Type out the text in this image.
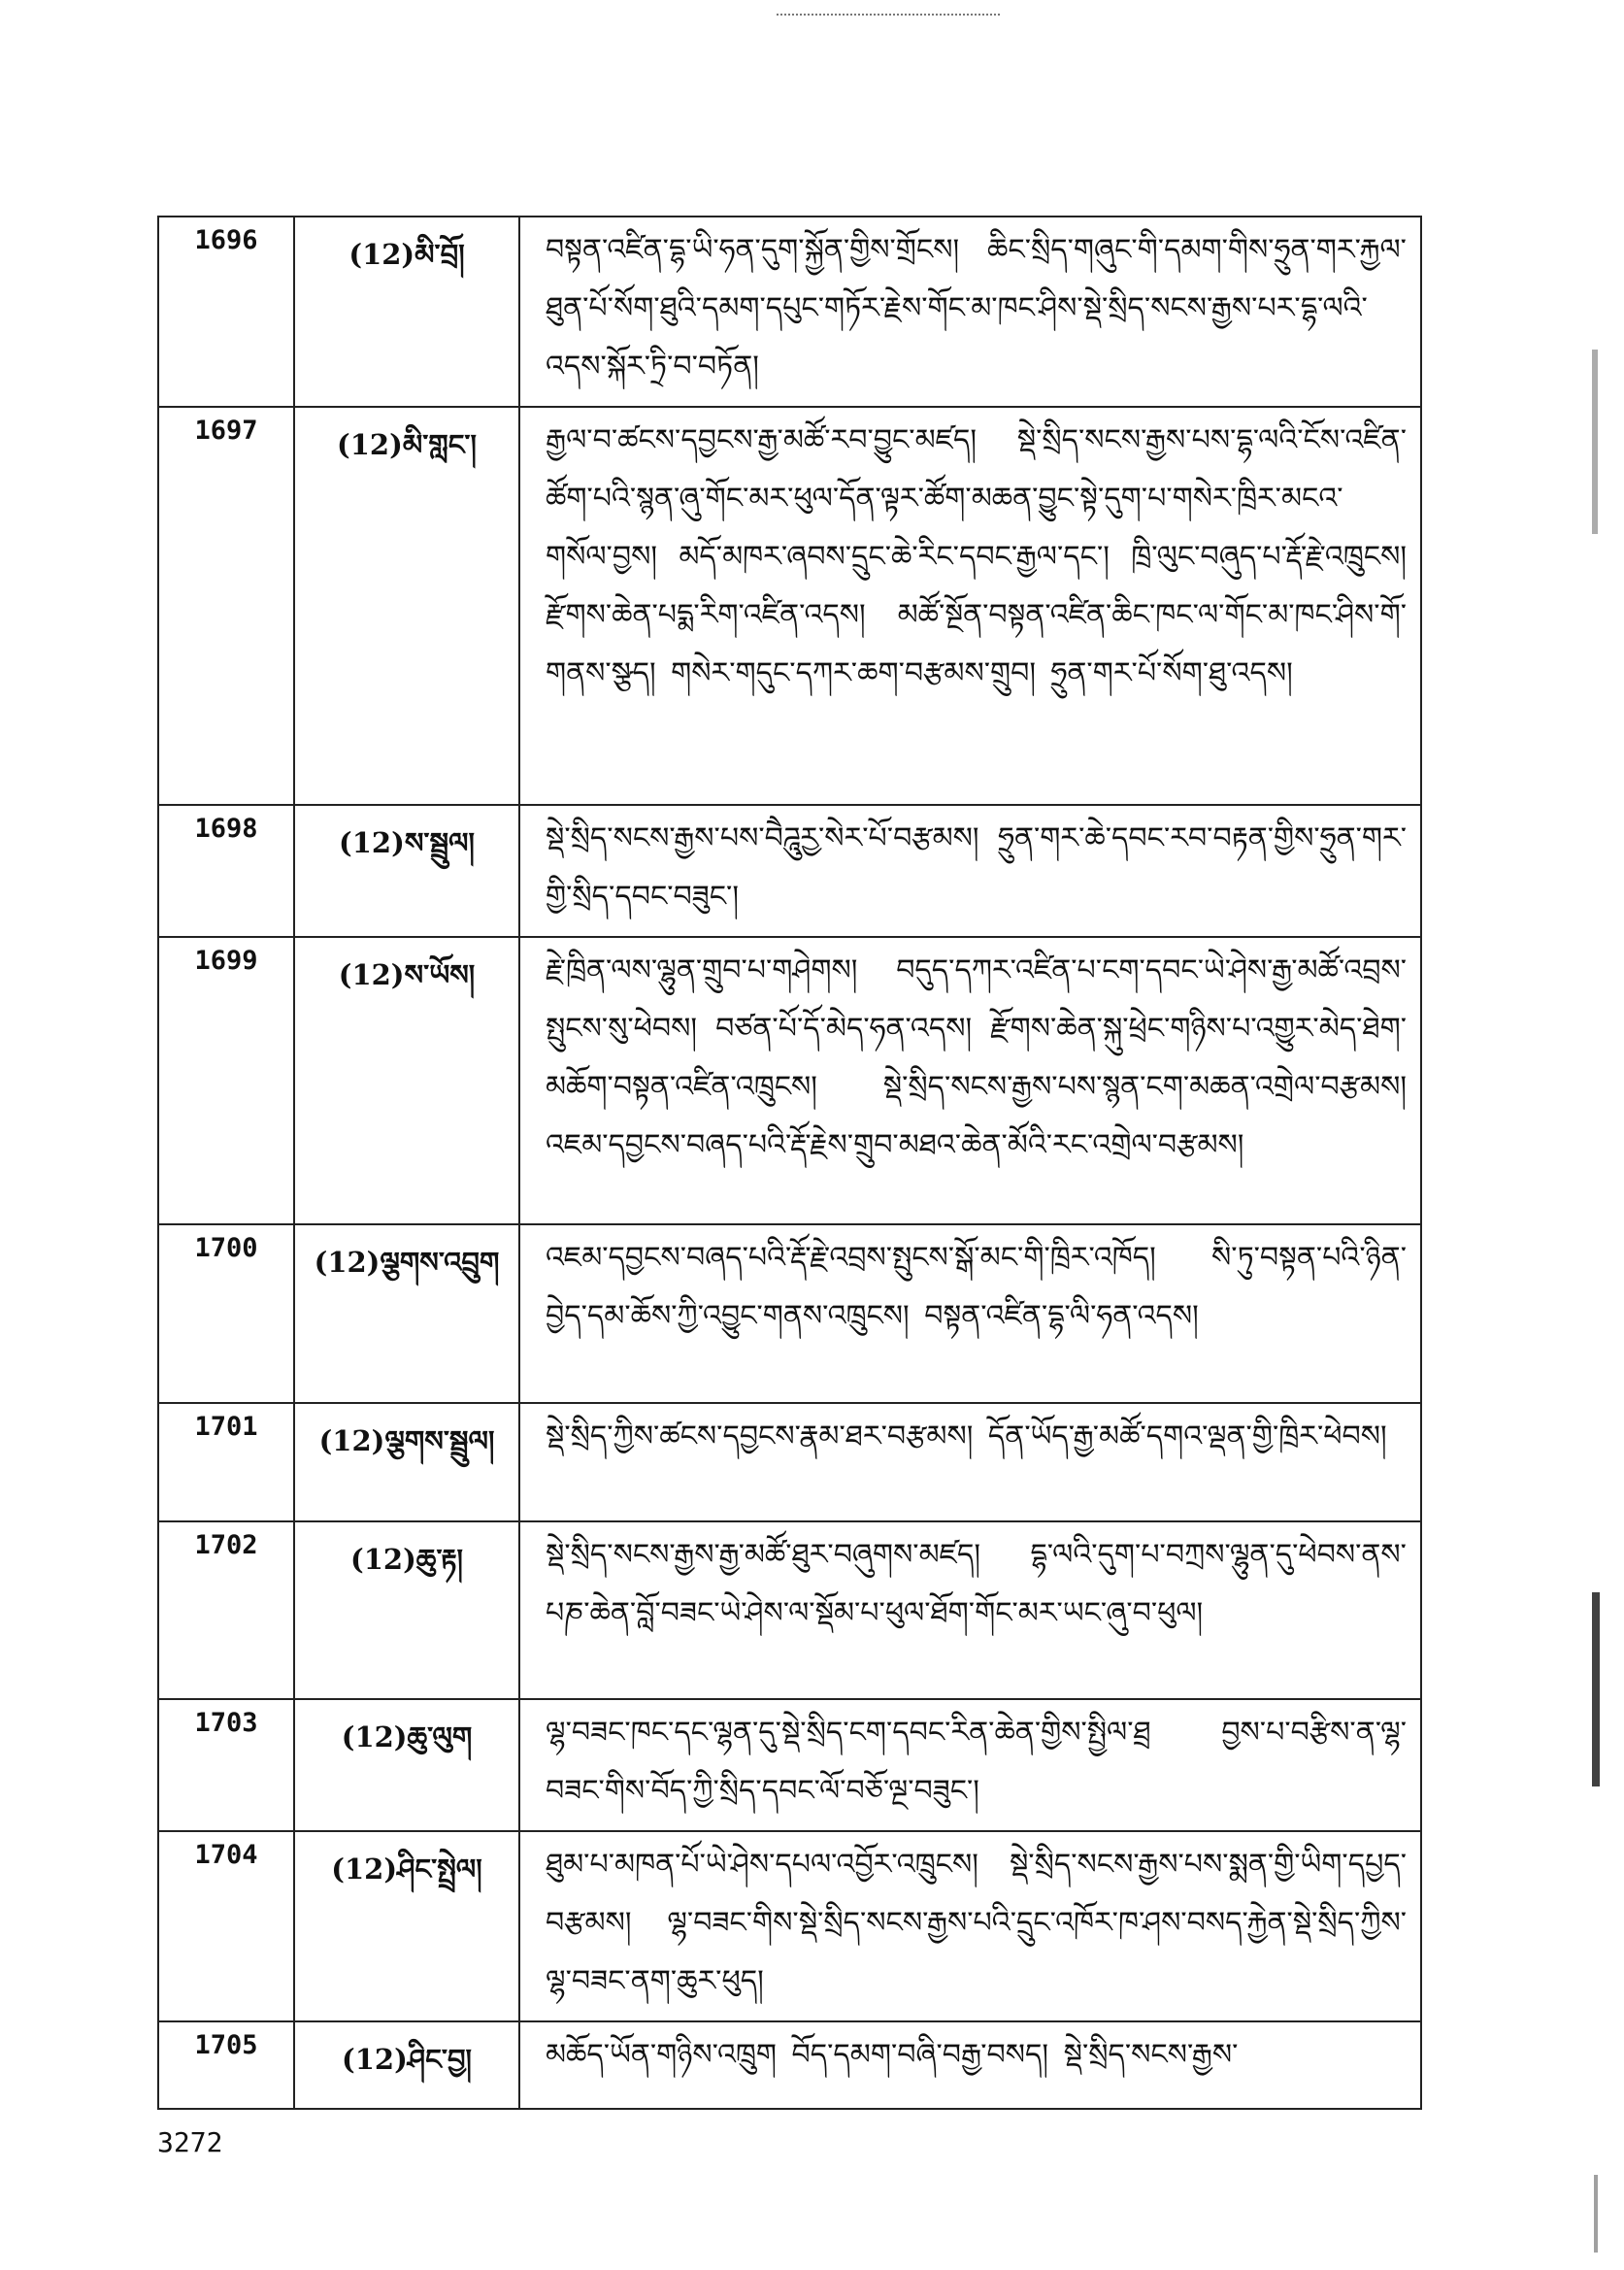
1696	(12)མི་བྲོ།	བསྟན་འཛིན་དྷ་ཡི་ཧན་དུག་སྐྱོན་གྱིས་གྲོངས། ཆིང་སྲིད་གཞུང་གི་དམག་གིས་ཧྲུན་གར་རྐྱལ་ཐུན་པོ་སོག་ཐུའི་དམག་དཔུང་གཏོར་རྗེས་གོང་མ་ཁང་ཤིས་སྡེ་སྲིད་སངས་རྒྱས་པར་དྷ་ལའི་འདས་སྐོར་ཏྲི་བ་བཏོན།
1697	(12)མི་གླང་།	རྒྱལ་བ་ཚངས་དབྱངས་རྒྱ་མཚོ་རབ་བྱུང་མཛད། སྡེ་སྲིད་སངས་རྒྱས་པས་དྷ་ལའི་ངོས་འཛིན་ཚོག་པའི་སྙན་ཞུ་གོང་མར་ཕུལ་དོན་ལྟར་ཚོག་མཆན་བྱུང་སྟེ་དུག་པ་གསེར་ཁྲིར་མངའ་གསོལ་བྱས། མདོ་མཁར་ཞབས་དྲུང་ཆེ་རིང་དབང་རྒྱལ་དང་། ཁྲི་ལུང་བཞུད་པ་རྡོ་རྗེ་འཁྲུངས། རྫོགས་ཆེན་པདྨ་རིག་འཛིན་འདས། མཚོ་སྔོན་བསྟན་འཛིན་ཆིང་ཁང་ལ་གོང་མ་ཁང་ཤིས་གོ་གནས་སྩད། གསེར་གདུང་དཀར་ཆག་བརྩམས་གྲུབ། ཧྲུན་གར་པོ་སོག་ཐུ་འདས།
1698	(12)ས་སྦྲུལ།	སྡེ་སྲིད་སངས་རྒྱས་པས་བཻཌཱུརྱ་སེར་པོ་བརྩམས། ཧྲུན་གར་ཆེ་དབང་རབ་བརྟན་གྱིས་ཧྲུན་གར་གྱི་སྲིད་དབང་བཟུང་།
1699	(12)ས་ཡོས།	རྗེ་ཁྲིན་ལས་ལྷུན་གྲུབ་པ་གཤེགས། བདུད་དཀར་འཛིན་པ་ངག་དབང་ཡེ་ཤེས་རྒྱ་མཚོ་འབྲས་སྤུངས་སུ་ཕེབས། བཙན་པོ་དོ་མེད་ཧན་འདས། རྫོགས་ཆེན་སྐུ་ཕྲེང་གཉིས་པ་འགྱུར་མེད་ཐེག་མཆོག་བསྟན་འཛིན་འཁྲུངས། སྡེ་སྲིད་སངས་རྒྱས་པས་སྙན་ངག་མཆན་འགྲེལ་བརྩམས། འཇམ་དབྱངས་བཞད་པའི་རྡོ་རྗེས་གྲུབ་མཐའ་ཆེན་མོའི་རང་འགྲེལ་བརྩམས།
1700	(12)ལྕགས་འབྲུག	འཇམ་དབྱངས་བཞད་པའི་རྡོ་རྗེ་འབྲས་སྤུངས་སྒོ་མང་གི་ཁྲིར་འཁོད། སི་ཏུ་བསྟན་པའི་ཉིན་བྱེད་དམ་ཆོས་ཀྱི་འབྱུང་གནས་འཁྲུངས། བསྟན་འཛིན་དྷ་ལི་ཧན་འདས།
1701	(12)ལྕགས་སྦྲུལ།	སྡེ་སྲིད་ཀྱིས་ཚངས་དབྱངས་རྣམ་ཐར་བརྩམས། དོན་ཡོད་རྒྱ་མཚོ་དགའ་ལྡན་གྱི་ཁྲིར་ཕེབས།
1702	(12)ཆུ་རྟ།	སྡེ་སྲིད་སངས་རྒྱས་རྒྱ་མཚོ་ཐུར་བཞུགས་མཛད། དྷ་ལའི་དུག་པ་བཀྲས་ལྷུན་དུ་ཕེབས་ནས་པཎ་ཆེན་བློ་བཟང་ཡེ་ཤེས་ལ་སྡོམ་པ་ཕུལ་ཐོག་གོང་མར་ཡང་ཞུ་བ་ཕུལ།
1703	(12)ཆུ་ལུག	ལྷ་བཟང་ཁང་དང་ལྷན་དུ་སྡེ་སྲིད་ངག་དབང་རིན་ཆེན་གྱིས་སྤྱིལ་ཐྲ བྱས་པ་བརྩིས་ན་ལྷ་བཟང་གིས་བོད་ཀྱི་སྲིད་དབང་ལོ་བཅོ་ལྔ་བཟུང་།
1704	(12)ཤིང་སྤྲེལ།	ཐུམ་པ་མཁན་པོ་ཡེ་ཤེས་དཔལ་འབྱོར་འཁྲུངས། སྡེ་སྲིད་སངས་རྒྱས་པས་སྨན་གྱི་ཡིག་དཔྱད་བརྩམས། ལྷ་བཟང་གིས་སྡེ་སྲིད་སངས་རྒྱས་པའི་དྲུང་འཁོར་ཁ་ཤས་བསད་རྐྱེན་སྡེ་སྲིད་ཀྱིས་ལྷ་བཟང་ནག་ཆུར་ཕུད།
1705	(12)ཤིང་བྱ།	མཆོད་ཡོན་གཉིས་འཁྲུག བོད་དམག་བཞི་བརྒྱ་བསད། སྡེ་སྲིད་སངས་རྒྱས་
3272
